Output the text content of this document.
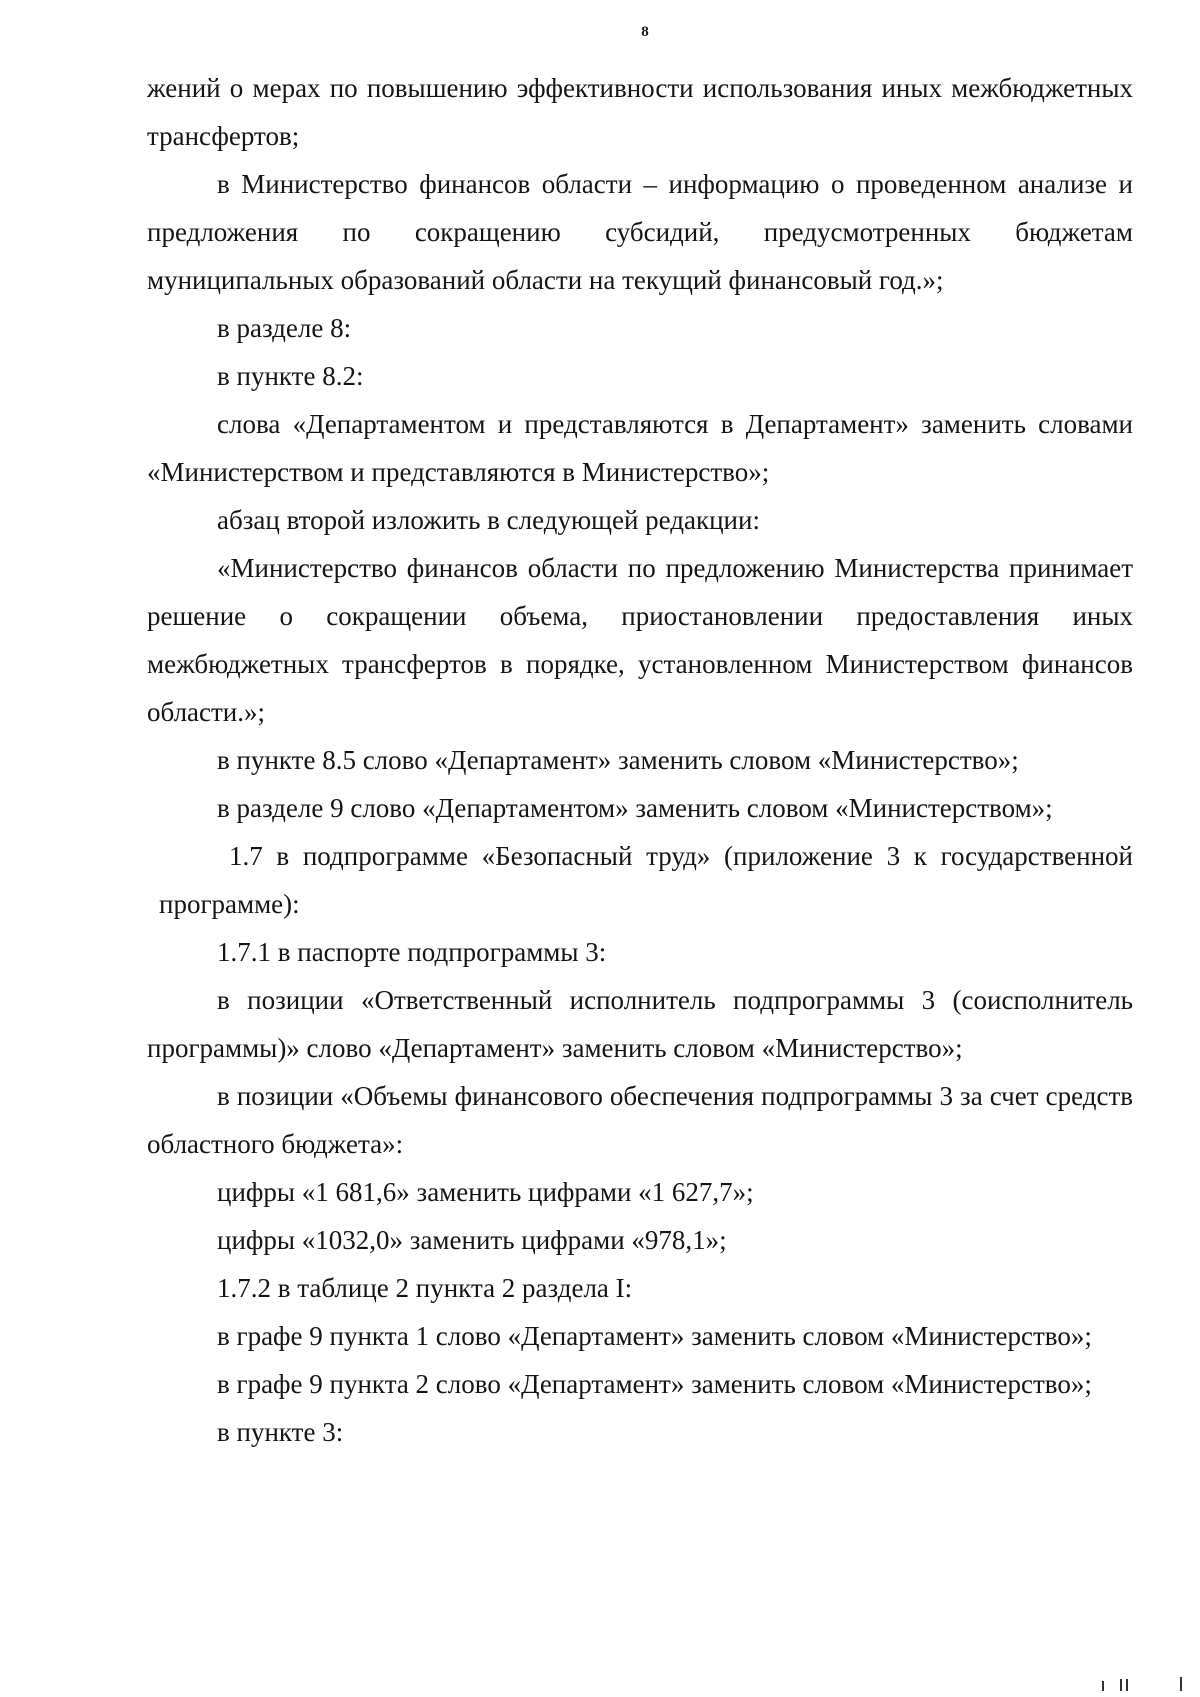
8

жений о мерах по повышению эффективности использования иных межбюджетных трансфертов;

в Министерство финансов области – информацию о проведенном анализе и предложения по сокращению субсидий, предусмотренных бюджетам муниципальных образований области на текущий финансовый год.»;

в разделе 8:

в пункте 8.2:

слова «Департаментом и представляются в Департамент» заменить словами «Министерством и представляются в Министерство»;

абзац второй изложить в следующей редакции:

«Министерство финансов области по предложению Министерства принимает решение о сокращении объема, приостановлении предоставления иных межбюджетных трансфертов в порядке, установленном Министерством финансов области.»;

в пункте 8.5 слово «Департамент» заменить словом «Министерство»;

в разделе 9 слово «Департаментом» заменить словом «Министерством»;

1.7 в подпрограмме «Безопасный труд» (приложение 3 к государственной программе):

1.7.1 в паспорте подпрограммы 3:

в позиции «Ответственный исполнитель подпрограммы 3 (соисполнитель программы)» слово «Департамент» заменить словом «Министерство»;

в позиции «Объемы финансового обеспечения подпрограммы 3 за счет средств областного бюджета»:

цифры «1 681,6» заменить цифрами «1 627,7»;

цифры «1032,0» заменить цифрами «978,1»;

1.7.2 в таблице 2 пункта 2 раздела I:

в графе 9 пункта 1 слово «Департамент» заменить словом «Министерство»;

в графе 9 пункта 2 слово «Департамент» заменить словом «Министерство»;

в пункте 3:
